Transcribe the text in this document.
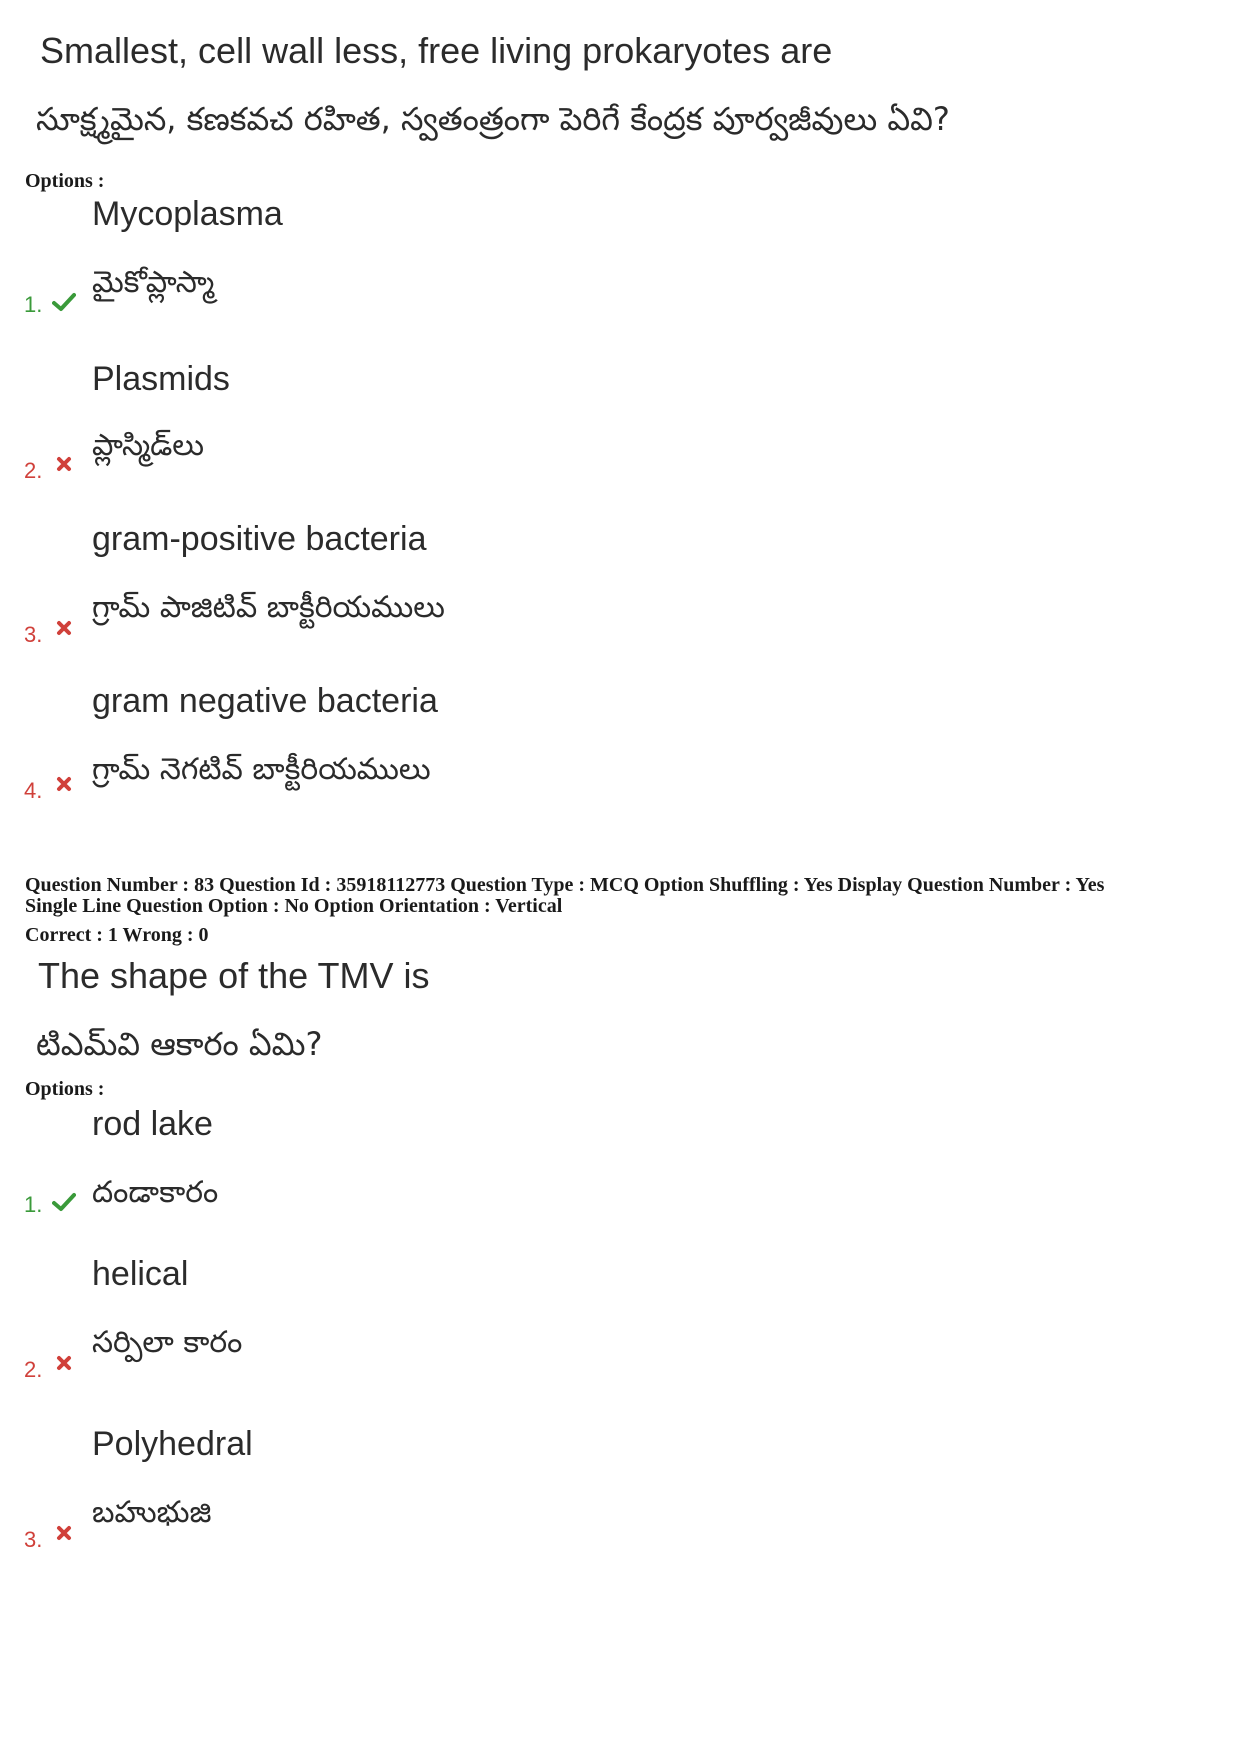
Smallest, cell wall less, free living prokaryotes are
సూక్ష్మమైన, కణకవచ రహిత, స్వతంత్రంగా పెరిగే కేంద్రక పూర్వజీవులు ఏవి?
Options :
Mycoplasma
మైకోప్లాస్మా
1.
Plasmids
ప్లాస్మిడ్‌లు
2.
gram-positive bacteria
గ్రామ్ పాజిటివ్ బాక్టీరియములు
3.
gram negative bacteria
గ్రామ్ నెగటివ్ బాక్టీరియములు
4.
Question Number : 83 Question Id : 35918112773 Question Type : MCQ Option Shuffling : Yes Display Question Number : Yes
Single Line Question Option : No Option Orientation : Vertical
Correct : 1 Wrong : 0
The shape of the TMV is
టిఎమ్‌వి ఆకారం ఏమి?
Options :
rod lake
దండాకారం
1.
helical
సర్పిలా కారం
2.
Polyhedral
బహుభుజి
3.
